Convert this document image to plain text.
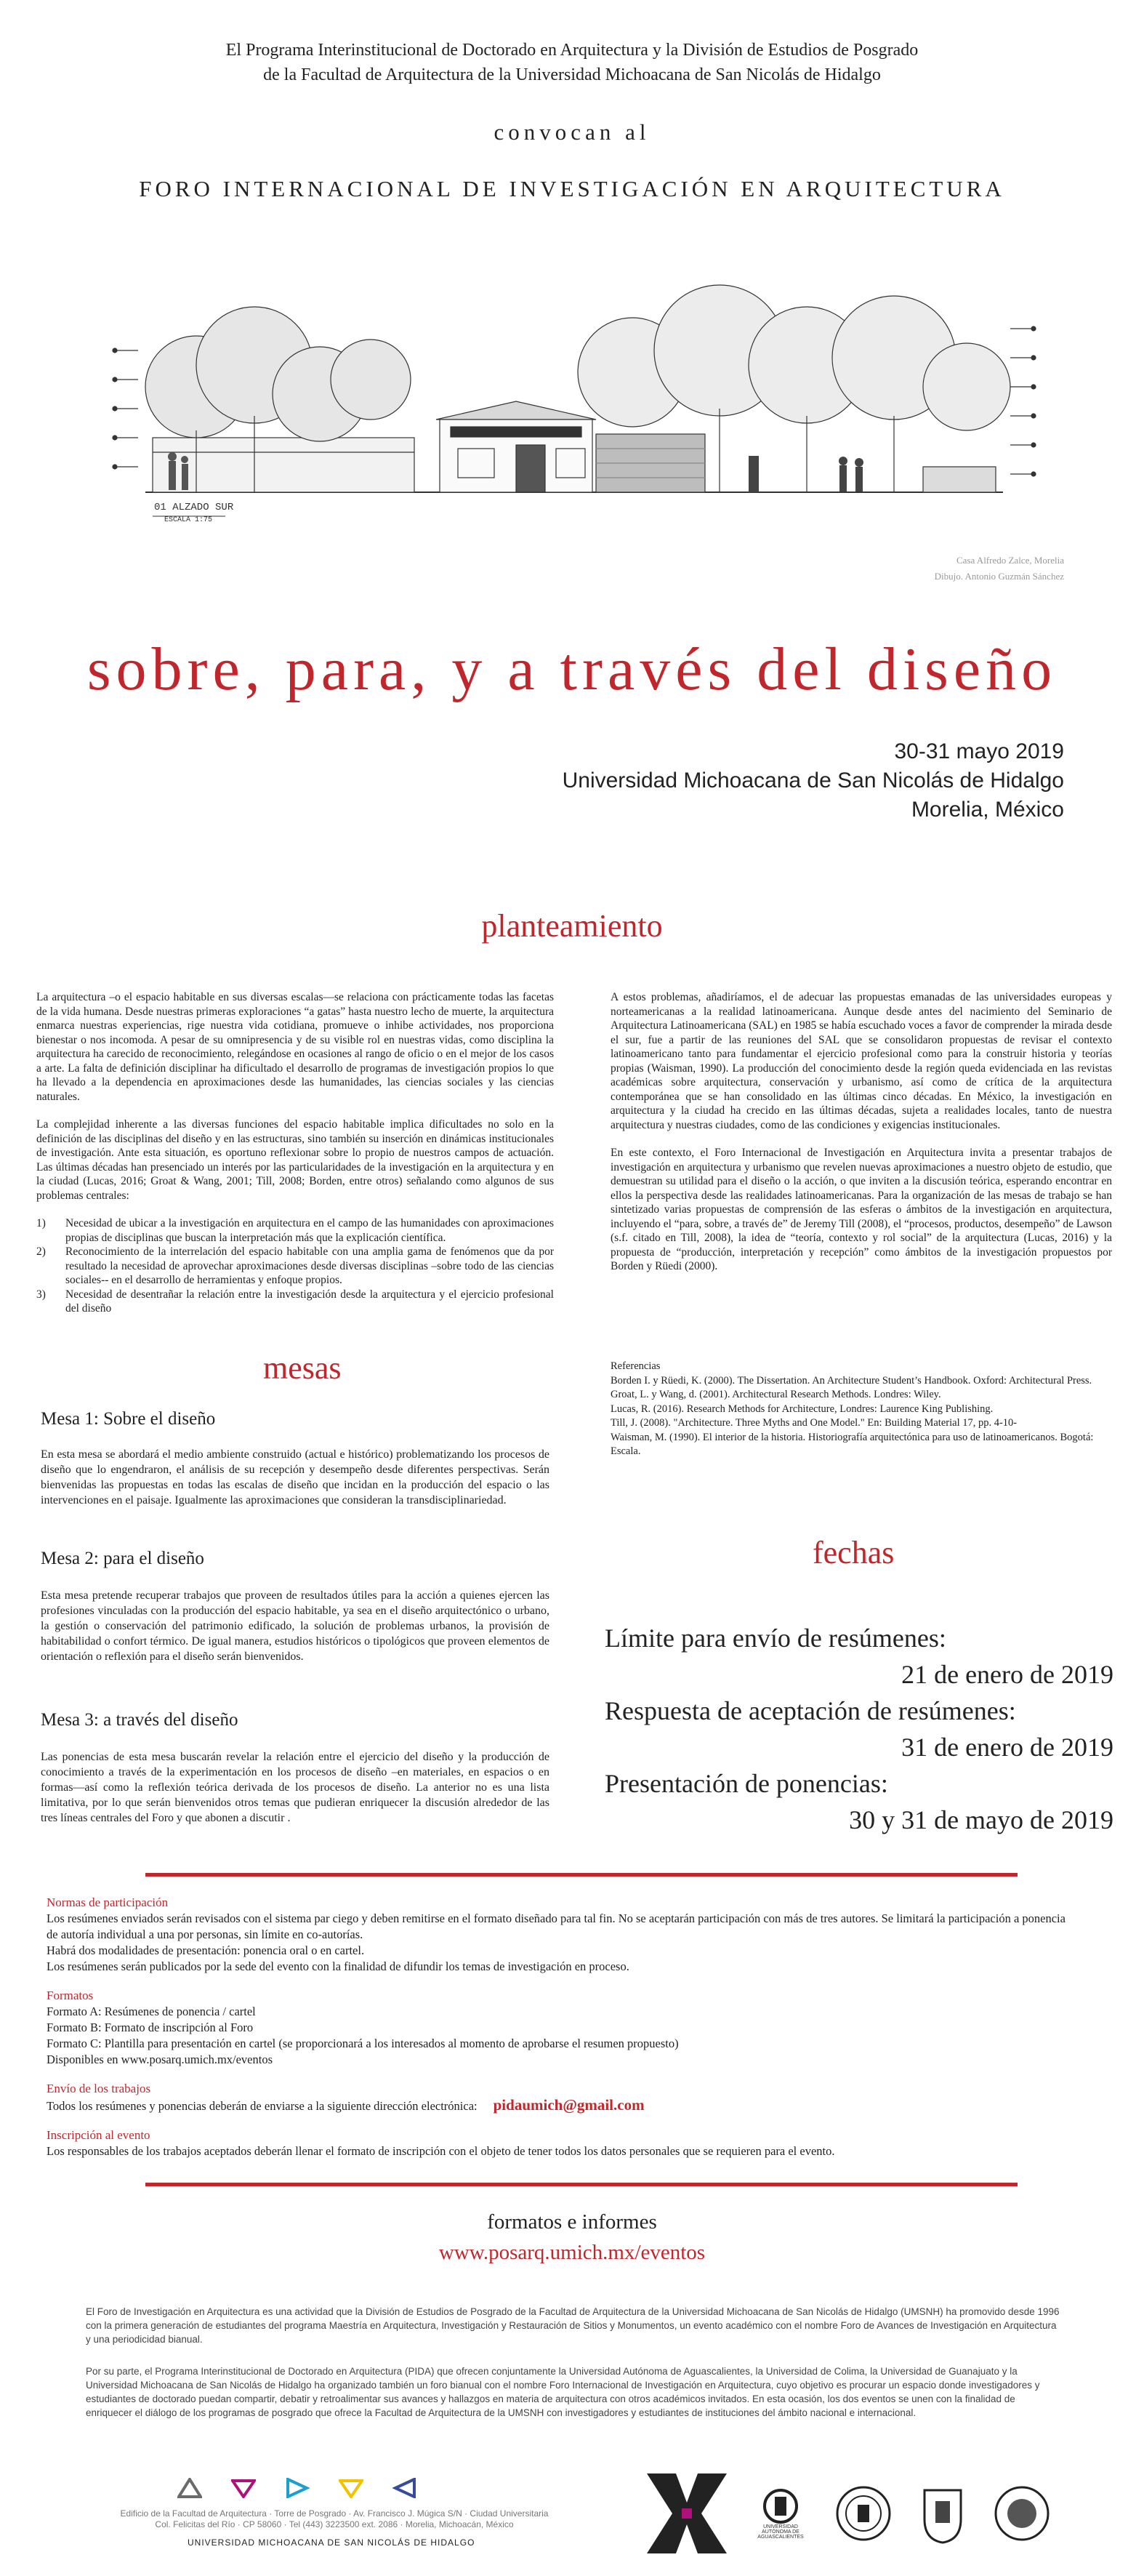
El Programa Interinstitucional de Doctorado en Arquitectura y la División de Estudios de Posgrado
de la Facultad de Arquitectura de la Universidad Michoacana de San Nicolás de Hidalgo
convocan al
FORO INTERNACIONAL DE INVESTIGACIÓN EN ARQUITECTURA
01 ALZADO SUR
ESCALA 1:75
Casa Alfredo Zalce, Morelia
Dibujo. Antonio Guzmán Sánchez
sobre, para, y a través del diseño
30-31 mayo 2019
Universidad Michoacana de San Nicolás de Hidalgo
Morelia, México
planteamiento

La arquitectura –o el espacio habitable en sus diversas escalas—se relaciona con prácticamente todas las facetas de la vida humana. Desde nuestras primeras exploraciones “a gatas” hasta nuestro lecho de muerte, la arquitectura enmarca nuestras experiencias, rige nuestra vida cotidiana, promueve o inhibe actividades, nos proporciona bienestar o nos incomoda. A pesar de su omnipresencia y de su visible rol en nuestras vidas, como disciplina la arquitectura ha carecido de reconocimiento, relegándose en ocasiones al rango de oficio o en el mejor de los casos a arte. La falta de definición disciplinar ha dificultado el desarrollo de programas de investigación propios lo que ha llevado a la dependencia en aproximaciones desde las humanidades, las ciencias sociales y las ciencias naturales.

La complejidad inherente a las diversas funciones del espacio habitable implica dificultades no solo en la definición de las disciplinas del diseño y en las estructuras, sino también su inserción en dinámicas institucionales de investigación. Ante esta situación, es oportuno reflexionar sobre lo propio de nuestros campos de actuación. Las últimas décadas han presenciado un interés por las particularidades de la investigación en la arquitectura y en la ciudad (Lucas, 2016; Groat & Wang, 2001; Till, 2008; Borden, entre otros) señalando como algunos de sus problemas centrales:

1)	Necesidad de ubicar a la investigación en arquitectura en el campo de las humanidades con aproximaciones propias de disciplinas que buscan la interpretación más que la explicación científica.
2)	Reconocimiento de la interrelación del espacio habitable con una amplia gama de fenómenos que da por resultado la necesidad de aprovechar aproximaciones desde diversas disciplinas –sobre todo de las ciencias sociales-- en el desarrollo de herramientas y enfoque propios.
3)	Necesidad de desentrañar la relación entre la investigación desde la arquitectura y el ejercicio profesional del diseño

A estos problemas, añadiríamos, el de adecuar las propuestas emanadas de las universidades europeas y norteamericanas a la realidad latinoamericana. Aunque desde antes del nacimiento del Seminario de Arquitectura Latinoamericana (SAL) en 1985 se había escuchado voces a favor de comprender la mirada desde el sur, fue a partir de las reuniones del SAL que se consolidaron propuestas de revisar el contexto latinoamericano tanto para fundamentar el ejercicio profesional como para la construir historia y teorías propias (Waisman, 1990). La producción del conocimiento desde la región queda evidenciada en las revistas académicas sobre arquitectura, conservación y urbanismo, así como de crítica de la arquitectura contemporánea que se han consolidado en las últimas cinco décadas. En México, la investigación en arquitectura y la ciudad ha crecido en las últimas décadas, sujeta a realidades locales, tanto de nuestra arquitectura y nuestras ciudades, como de las condiciones y exigencias institucionales.

En este contexto, el Foro Internacional de Investigación en Arquitectura invita a presentar trabajos de investigación en arquitectura y urbanismo que revelen nuevas aproximaciones a nuestro objeto de estudio, que demuestran su utilidad para el diseño o la acción, o que inviten a la discusión teórica, esperando encontrar en ellos la perspectiva desde las realidades latinoamericanas. Para la organización de las mesas de trabajo se han sintetizado varias propuestas de comprensión de las esferas o ámbitos de la investigación en arquitectura, incluyendo el “para, sobre, a través de” de Jeremy Till (2008), el “procesos, productos, desempeño” de Lawson (s.f. citado en Till, 2008), la idea de “teoría, contexto y rol social” de la arquitectura (Lucas, 2016) y la propuesta de “producción, interpretación y recepción” como ámbitos de la investigación propuestos por Borden y Rüedi (2000).

Referencias
Borden I. y Rüedi, K. (2000). The Dissertation. An Architecture Student’s Handbook. Oxford: Architectural Press.
Groat, L. y Wang, d. (2001). Architectural Research Methods. Londres: Wiley.
Lucas, R. (2016). Research Methods for Architecture, Londres: Laurence King Publishing.
Till, J. (2008). "Architecture. Three Myths and One Model." En: Building Material 17, pp. 4-10-
Waisman, M. (1990). El interior de la historia. Historiografía arquitectónica para uso de latinoamericanos. Bogotá: Escala.
mesas
Mesa 1: Sobre el diseño
En esta mesa se abordará el medio ambiente construido (actual e histórico) problematizando los procesos de diseño que lo engendraron, el análisis de su recepción y desempeño desde diferentes perspectivas. Serán bienvenidas las propuestas en todas las escalas de diseño que incidan en la producción del espacio o las intervenciones en el paisaje. Igualmente las aproximaciones que consideran la transdisciplinariedad.
Mesa 2: para el diseño
Esta mesa pretende recuperar trabajos que proveen de resultados útiles para la acción a quienes ejercen las profesiones vinculadas con la producción del espacio habitable, ya sea en el diseño arquitectónico o urbano, la gestión o conservación del patrimonio edificado, la solución de problemas urbanos, la provisión de habitabilidad o confort térmico. De igual manera, estudios históricos o tipológicos que proveen elementos de orientación o reflexión para el diseño serán bienvenidos.
Mesa 3: a través del diseño
Las ponencias de esta mesa buscarán revelar la relación entre el ejercicio del diseño y la producción de conocimiento a través de la experimentación en los procesos de diseño –en materiales, en espacios o en formas—así como la reflexión teórica derivada de los procesos de diseño. La anterior no es una lista limitativa, por lo que serán bienvenidos otros temas que pudieran enriquecer la discusión alrededor de las tres líneas centrales del Foro y que abonen a discutir .
fechas
Límite para envío de resúmenes:
21 de enero de 2019
Respuesta de aceptación de resúmenes:
31 de enero de 2019
Presentación de ponencias:
30 y 31 de mayo de 2019
Normas de participación

Los resúmenes enviados serán revisados con el sistema par ciego y deben remitirse en el formato diseñado para tal fin. No se aceptarán participación con más de tres autores. Se limitará la participación a ponencia de autoría individual a una por personas, sin límite en co-autorías.

Habrá dos modalidades de presentación: ponencia oral o en cartel.

Los resúmenes serán publicados por la sede del evento con la finalidad de difundir los temas de investigación en proceso.

Formatos

Formato A: Resúmenes de ponencia / cartel

Formato B: Formato de inscripción al Foro

Formato C: Plantilla para presentación en cartel (se proporcionará a los interesados al momento de aprobarse el resumen propuesto)

Disponibles en www.posarq.umich.mx/eventos

Envío de los trabajos

Todos los resúmenes y ponencias deberán de enviarse a la siguiente dirección electrónica: pidaumich@gmail.com

Inscripción al evento

Los responsables de los trabajos aceptados deberán llenar el formato de inscripción con el objeto de tener todos los datos personales que se requieren para el evento.

formatos e informes
www.posarq.umich.mx/eventos
El Foro de Investigación en Arquitectura es una actividad que la División de Estudios de Posgrado de la Facultad de Arquitectura de la Universidad Michoacana de San Nicolás de Hidalgo (UMSNH) ha promovido desde 1996 con la primera generación de estudiantes del programa Maestría en Arquitectura, Investigación y Restauración de Sitios y Monumentos, un evento académico con el nombre Foro de Avances de Investigación en Arquitectura y una periodicidad bianual.
Por su parte, el Programa Interinstitucional de Doctorado en Arquitectura (PIDA) que ofrecen conjuntamente la Universidad Autónoma de Aguascalientes, la Universidad de Colima, la Universidad de Guanajuato y la Universidad Michoacana de San Nicolás de Hidalgo ha organizado también un foro bianual con el nombre Foro Internacional de Investigación en Arquitectura, cuyo objetivo es procurar un espacio donde investigadores y estudiantes de doctorado puedan compartir, debatir y retroalimentar sus avances y hallazgos en materia de arquitectura con otros académicos invitados. En esta ocasión, los dos eventos se unen con la finalidad de enriquecer el diálogo de los programas de posgrado que ofrece la Facultad de Arquitectura de la UMSNH con investigadores y estudiantes de instituciones del ámbito nacional e internacional.
Edificio de la Facultad de Arquitectura · Torre de Posgrado · Av. Francisco J. Múgica S/N · Ciudad Universitaria
Col. Felicitas del Río · CP 58060 · Tel (443) 3223500 ext. 2086 · Morelia, Michoacán, México
UNIVERSIDAD MICHOACANA DE SAN NICOLÁS DE HIDALGO
UNIVERSIDAD AUTÓNOMA DE AGUASCALIENTES
